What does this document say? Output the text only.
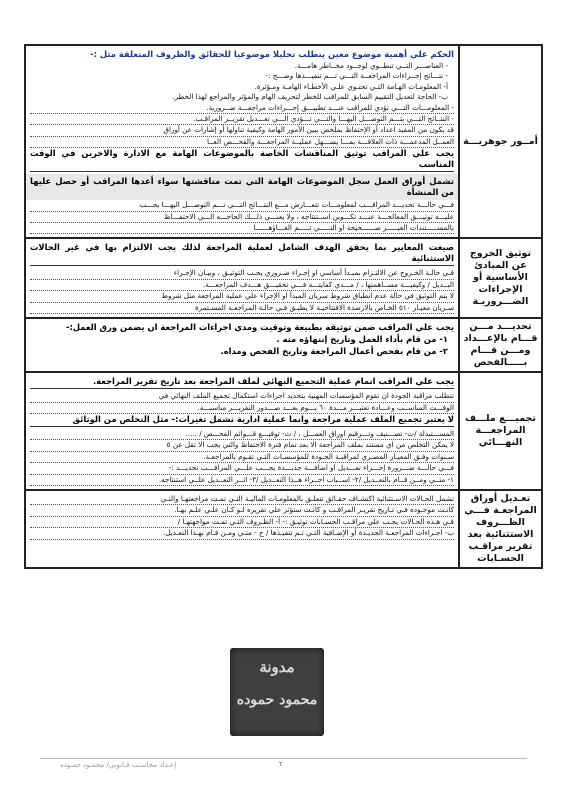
الحكم علي أهمية موضوع معين يتطلب تحليلا موضوعيا للحقائق والظروف المتعلقة مثل :-

- العناصـــر التــي تنطــوي لوجــود مخــاطر هامـــة.

- نتـــائج إجــراءات المراجعــة التـــي تـــم تنفيـــذها وضـــح :-

أ- المعلومـات الهـامة التـي تحتـوي علـي الأخطـاء الهامـة ومـؤثرة.

ب- الحاجة لتعديل التقييم السابق للمراقب للخطر لتحريف الهام والمؤثر والمراجع لهذا الخطر.

- المعلومـــات التـــي تؤدي للمراقب عنـــد تطبيـــق إجـــراءات مراجعـــة ضــرورية.

- النتــائج التـــي يتـــم التوصـــل اليهـــا والتـــي تـــؤدي الـــي تعـــديل تقريــر المراقـب.

قد يكون من المفيد اعداد أو الإحتفاظ بملخص يبين الأمور الهامة وكيفية تناولها أو إشارات عن أوراق

العمــل المدعمـــة ذات العلاقـــة بمـــا يســـهل عمليــة المراجعـــة والفحـــص العــا

يجب علي المراقب توثيق المناقشات الخاصة بالموضوعات الهامة مع الادارة والاخرين في الوقت المناسب

تشمل أوراق العمل سجل الموضوعات الهامة التي تمت مناقشتها سواء أعدها المراقب أو حصل عليها من المنشأة

فـــي حالـــة تحديـــد المراقـــب لمعلومـــات تتعـــارض مـــع النتـــائج التـــي تـــم التوصـــل اليهـــا يجـــب

عليـــه توثيـــق المعالجـــة عنـــد تكـــوين اســتنتاجه ، ولا يعنـــي ذلـــك الحاجـــه الـــي الاحتفـــاظ

بالمســـــتندات الغيـــــر صــــــحيحة او التـــــي تـــــم الغـــاؤهــــــا

أمــور جوهريـــة

صيغت المعايير بما يحقق الهدف الشامل لعملية المراجعة لذلك يجب الالتزام بها في غير الحالات الاستثنائية

فـي حالـة الخـروج عن الالتـزام بمبـدأ أساسي او إجـراء ضـروري يجـب التوثيـق ، وبيـان الإجـراء

البــديل / وكيفيـــة مســاهمتها ، / مـــدي كفايتـــه فـــي تحقيـــق هـــدف المراجعـــة.

لا يتم التوثيق في حالة عدم انطباق شروط سريان المبدأ او الإجراء علي عملية المراجعة مثل شروط

سـريان معيـار ٥١٠ الخـاص بالارصدة الافتتاحيـة لا يطبـق فـي حالـة المراجعـة المسـتمرة

توثيق الخروج عن المبادئ الأساسية أو الإجراءات الضـــروريـة

يجب علي المراقب ضمن توثيقه بطبيعة وتوقيت ومدي اجراءات المراجعة ان يضمن ورق العمل:-

١- من قام بأداء العمل وتاريخ إنتهاؤه منه .

٢- من قام بفحص أعمال المراجعة وتاريخ الفحص ومداه.

تحديـــد مـــن قـــام بالإعـــداد ومـــن قـــام بـــــالفحص

يجب علي المراقب اتمام عملية التجميع النهائي لملف المراجعة بعد تاريخ تقرير المراجعة.

تتطلب مراقبة الجودة ان تقوم المؤسسات المهنية بتحديد اجراءات استكمال تجميع الملف النهائي في

الوقـــت المناســب وعـــادة تعتبـــر مـــدة ٦٠ يـــوم بعـــد صـــدور التقريـــر مناسبـــة.

لا يعتبر تجميع الملف عملية مراجعة وانما عملية ادارية تشمل تغيرات:- مثل التخلص من الوثائق

المســـتبدلة /ت- تصـــنيف وتـــرقيم اوراق العمـــل ، / ث- توقيـــع قـــوائم الفحـــص / .....

لا يمكن التخلص من اي مستند بملف المراجعة الا بعد تمام فترة الاحتفاظ والتي يجب الا تقل عن ٥

سـنوات وفـق المعيـار المصـري لمراقبـة الجـودة للمؤسسـات التـي تقـوم بالمراجعـة.

فـــي حالـــة ضـــرورة إجـــراء تعـــديل او اضافـــة جديـــدة يجـــب علـــي المراقـــب تحديـــد :-

١- متــي ومــن قــام بالتعــديل /٢- اســباب اجــراء هــذا التعــديل /٣- اثــر التعــديل علــي استنتاجه.

تجميـــع ملـــف المراجعـــة النهـــائي

تشمل الحـالات الاسـتثنائية اكتشـاف حقـائق تتعلـق بالمعلومـات الماليـة التـي تمـت مراجعتهـا والتـي

كانـت موجـوده فـي تـاريخ تقريـر المراقـب و كانـت ستؤثر علي تقريره لـو كـان علـي علـم بهـا.

فـي هـذه الحـالات يجـب علي مراقـب الحسـابات توثيـق :- أ- الظـروف التـي تمـت مواجهتهـا /

ب- اجـراءات المراجعـة الجديـدة أو الإضـافية التـي تـم تنفيـذها / ج - متـي ومـن قـام بهـذا التعـديل.

تعـديل أوراق المراجعـة فـــي الظـــروف الاستثنائية بعد تقرير مراقـب الحسـابات
مدونة
محمود حموده
٢
إعـداد محاسـب قـانوني/ محمـود حمـوده
